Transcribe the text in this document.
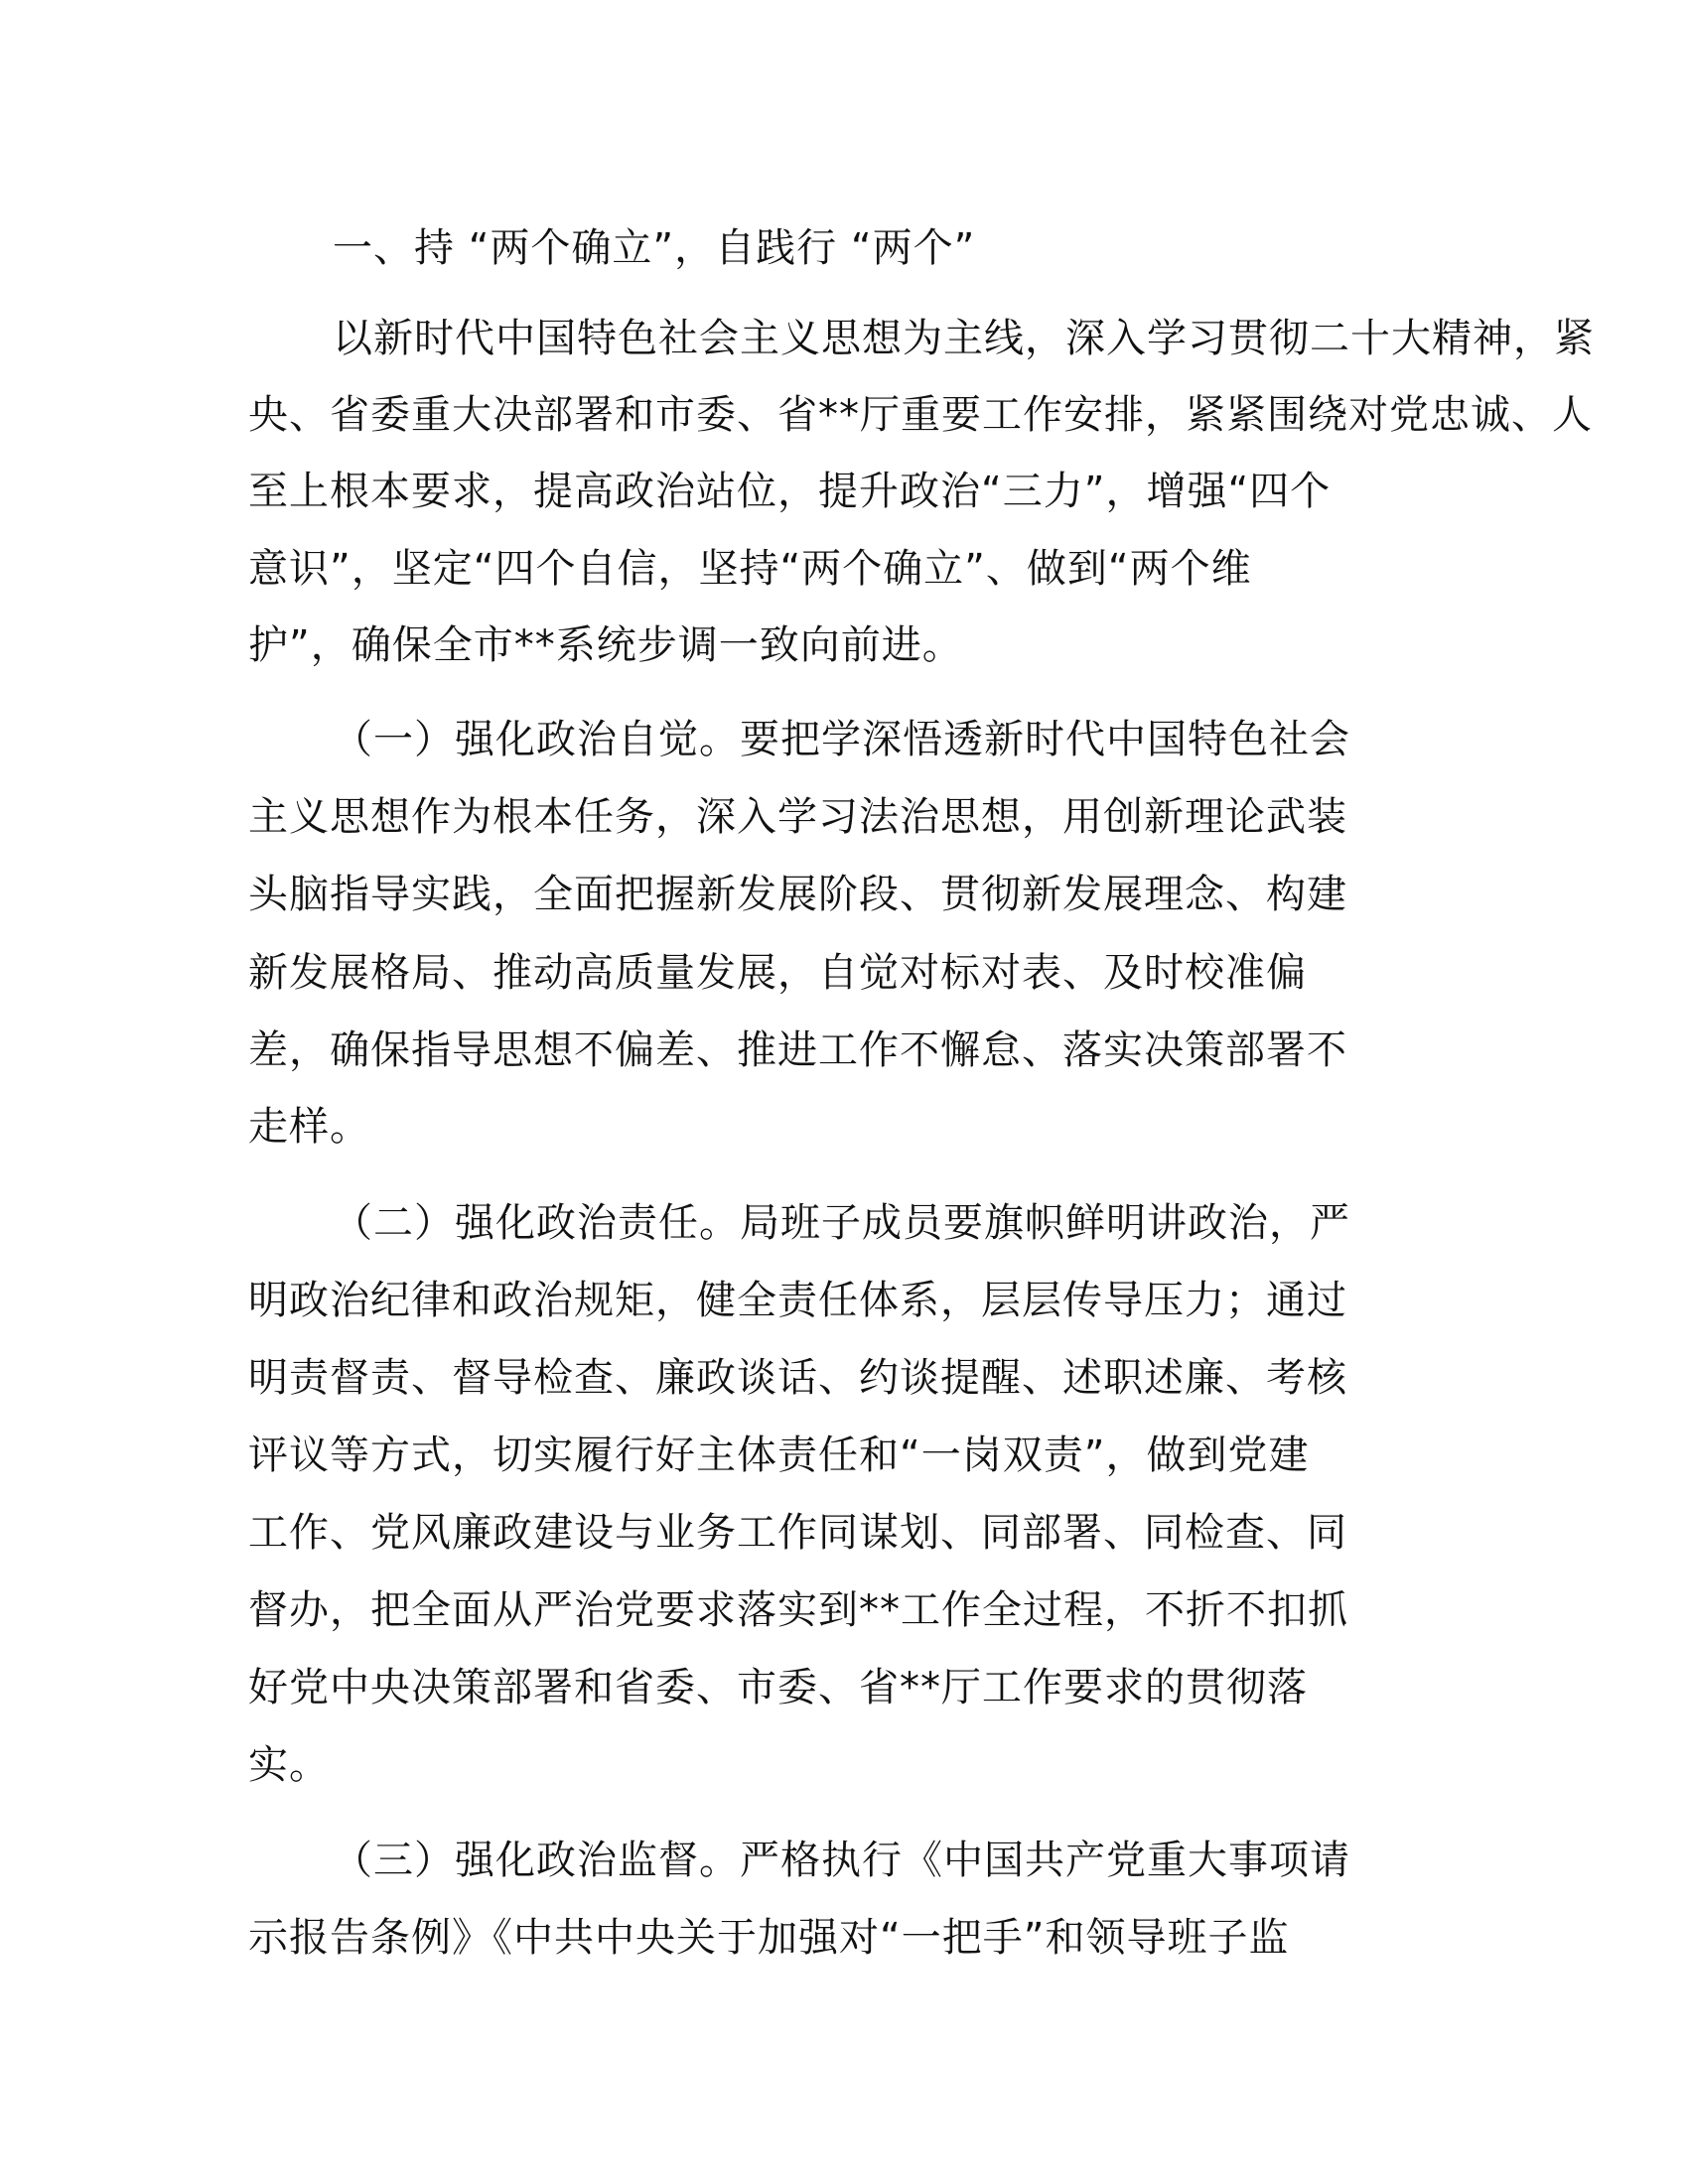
一、持 “两个确立”，自践行 “两个”
以新时代中国特色社会主义思想为主线，深入学习贯彻二十大精神，紧
央、省委重大决部署和市委、省**厅重要工作安排，紧紧围绕对党忠诚、人
至上根本要求，提高政治站位，提升政治“三力”，增强“四个
意识”，坚定“四个自信，坚持“两个确立”、做到“两个维
护”，确保全市**系统步调一致向前进。
（一）强化政治自觉。要把学深悟透新时代中国特色社会
主义思想作为根本任务，深入学习法治思想，用创新理论武装
头脑指导实践，全面把握新发展阶段、贯彻新发展理念、构建
新发展格局、推动高质量发展，自觉对标对表、及时校准偏
差，确保指导思想不偏差、推进工作不懈怠、落实决策部署不
走样。
（二）强化政治责任。局班子成员要旗帜鲜明讲政治，严
明政治纪律和政治规矩，健全责任体系，层层传导压力；通过
明责督责、督导检查、廉政谈话、约谈提醒、述职述廉、考核
评议等方式，切实履行好主体责任和“一岗双责”，做到党建
工作、党风廉政建设与业务工作同谋划、同部署、同检查、同
督办，把全面从严治党要求落实到**工作全过程，不折不扣抓
好党中央决策部署和省委、市委、省**厅工作要求的贯彻落
实。
（三）强化政治监督。严格执行《中国共产党重大事项请
示报告条例》《中共中央关于加强对“一把手”和领导班子监
